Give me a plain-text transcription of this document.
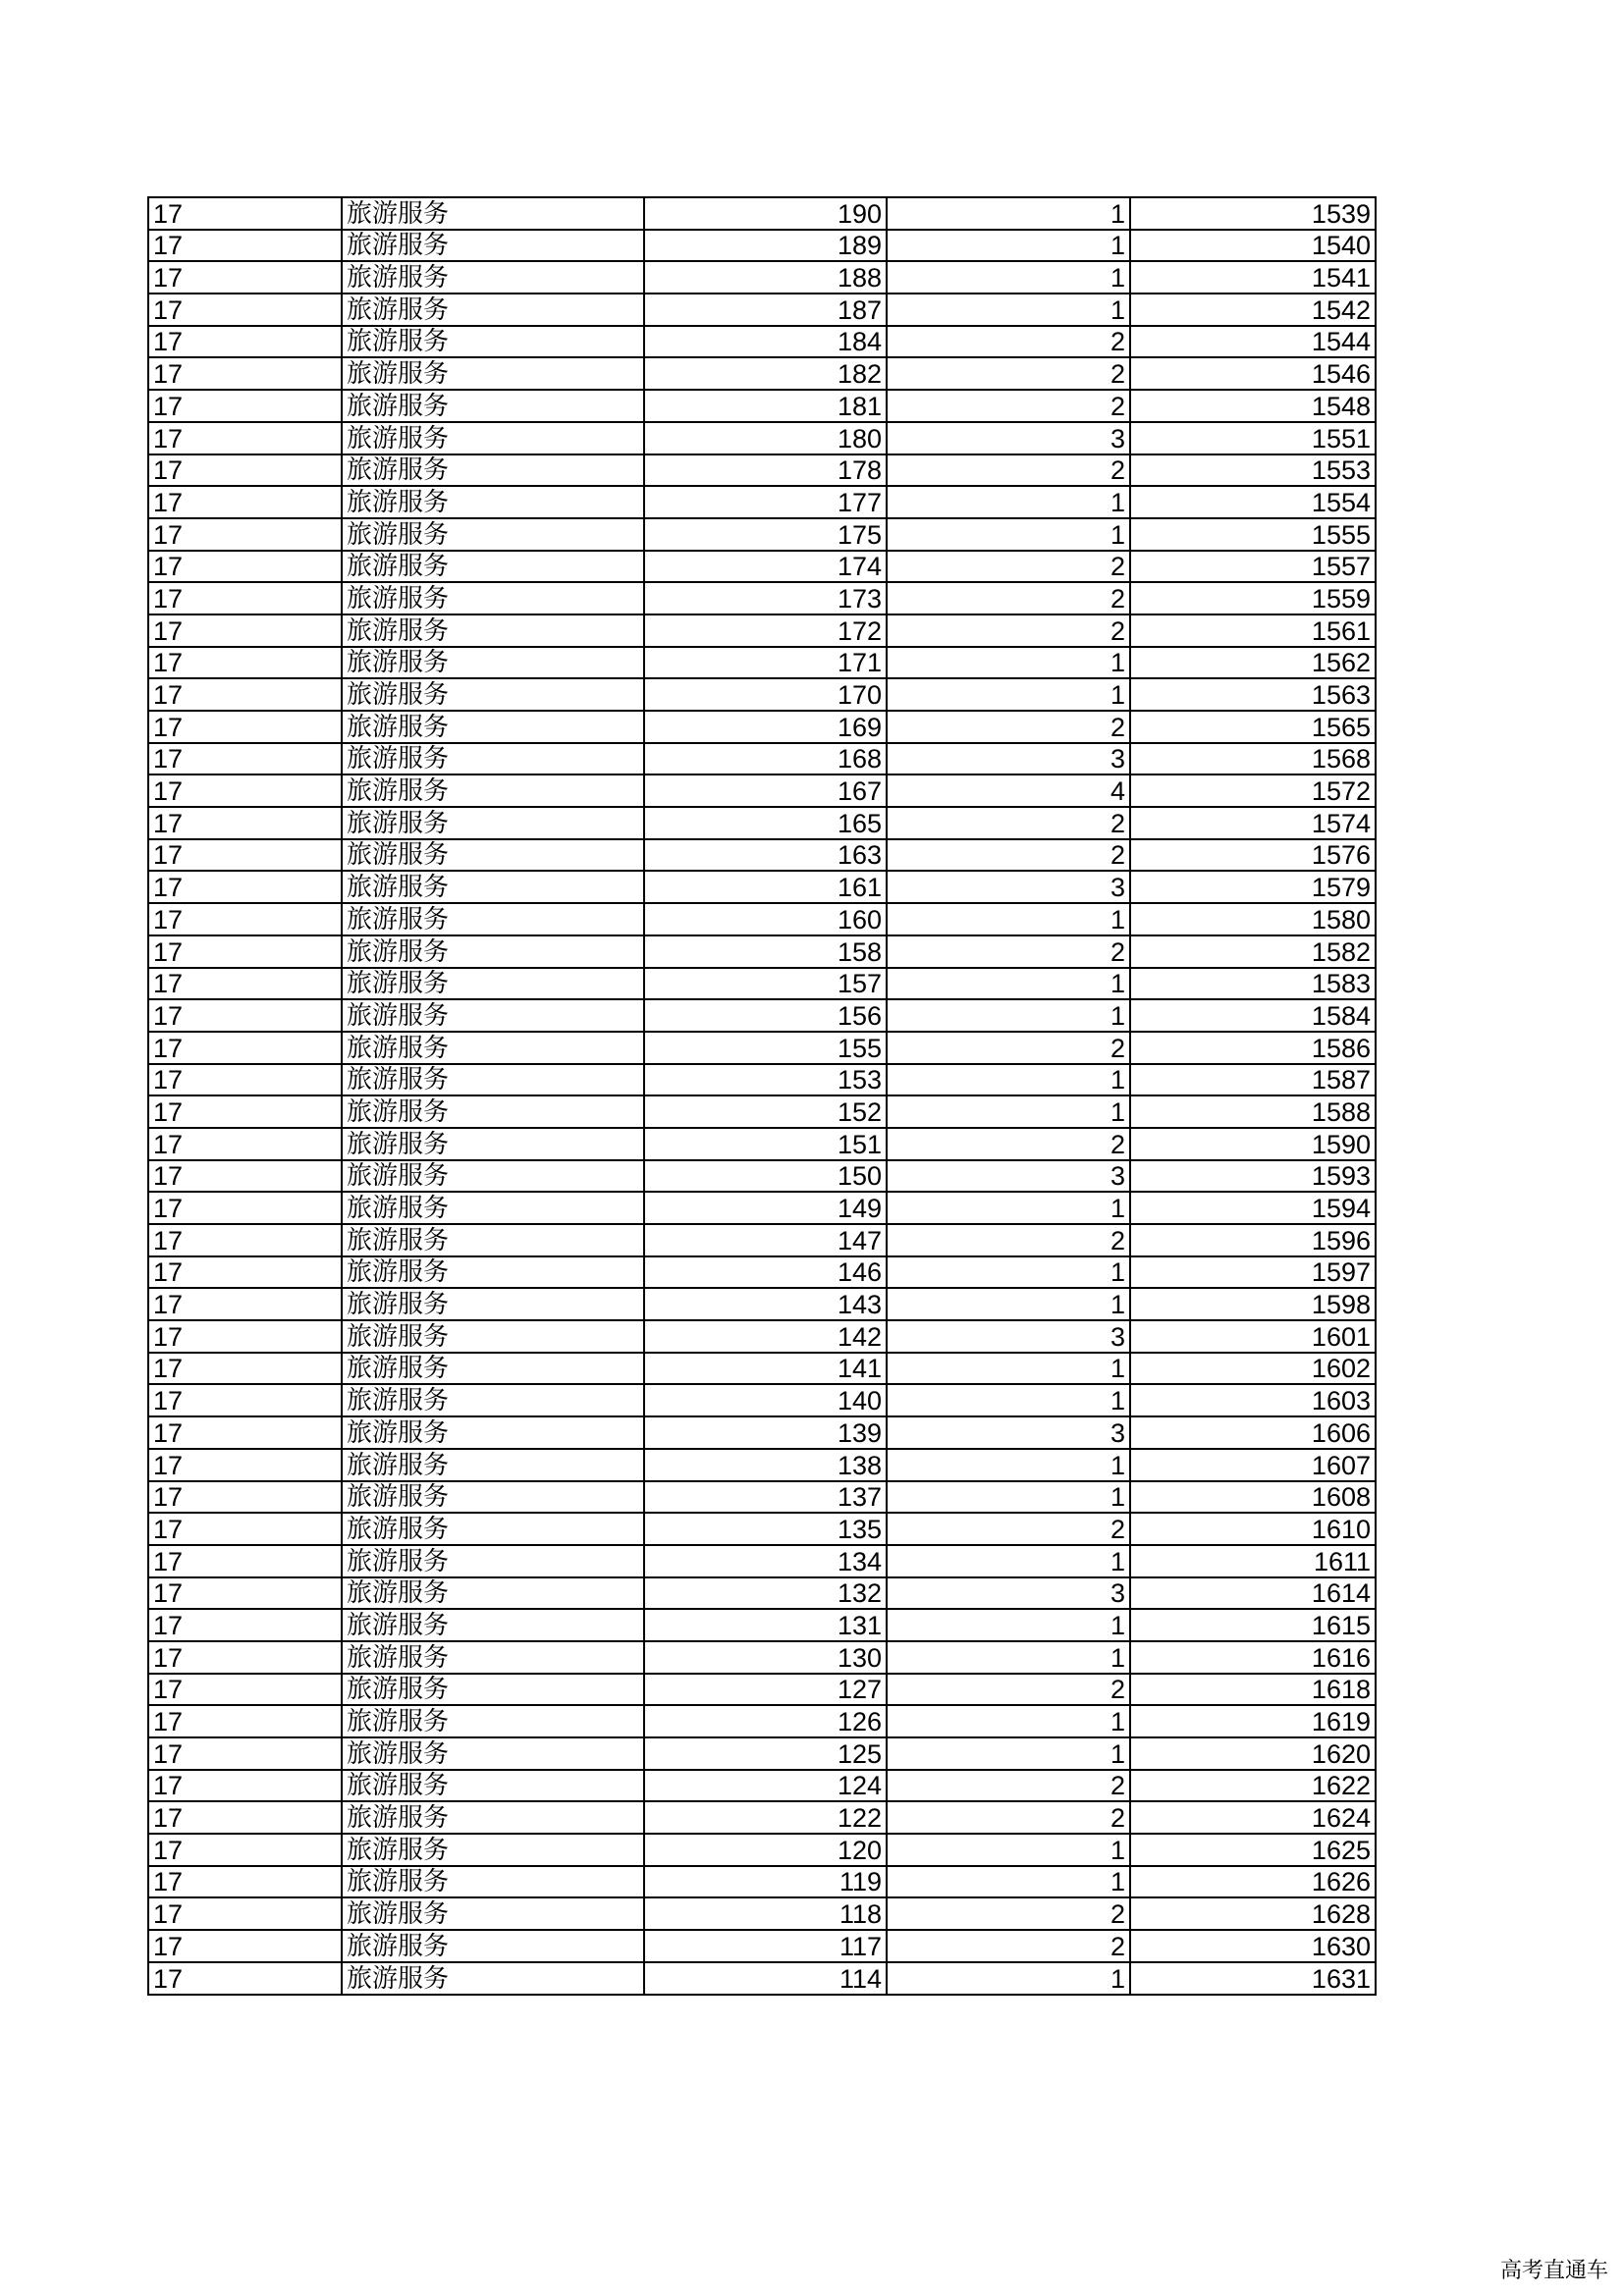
17	旅游服务	190	1	1539
17	旅游服务	189	1	1540
17	旅游服务	188	1	1541
17	旅游服务	187	1	1542
17	旅游服务	184	2	1544
17	旅游服务	182	2	1546
17	旅游服务	181	2	1548
17	旅游服务	180	3	1551
17	旅游服务	178	2	1553
17	旅游服务	177	1	1554
17	旅游服务	175	1	1555
17	旅游服务	174	2	1557
17	旅游服务	173	2	1559
17	旅游服务	172	2	1561
17	旅游服务	171	1	1562
17	旅游服务	170	1	1563
17	旅游服务	169	2	1565
17	旅游服务	168	3	1568
17	旅游服务	167	4	1572
17	旅游服务	165	2	1574
17	旅游服务	163	2	1576
17	旅游服务	161	3	1579
17	旅游服务	160	1	1580
17	旅游服务	158	2	1582
17	旅游服务	157	1	1583
17	旅游服务	156	1	1584
17	旅游服务	155	2	1586
17	旅游服务	153	1	1587
17	旅游服务	152	1	1588
17	旅游服务	151	2	1590
17	旅游服务	150	3	1593
17	旅游服务	149	1	1594
17	旅游服务	147	2	1596
17	旅游服务	146	1	1597
17	旅游服务	143	1	1598
17	旅游服务	142	3	1601
17	旅游服务	141	1	1602
17	旅游服务	140	1	1603
17	旅游服务	139	3	1606
17	旅游服务	138	1	1607
17	旅游服务	137	1	1608
17	旅游服务	135	2	1610
17	旅游服务	134	1	1611
17	旅游服务	132	3	1614
17	旅游服务	131	1	1615
17	旅游服务	130	1	1616
17	旅游服务	127	2	1618
17	旅游服务	126	1	1619
17	旅游服务	125	1	1620
17	旅游服务	124	2	1622
17	旅游服务	122	2	1624
17	旅游服务	120	1	1625
17	旅游服务	119	1	1626
17	旅游服务	118	2	1628
17	旅游服务	117	2	1630
17	旅游服务	114	1	1631
高考直通车
